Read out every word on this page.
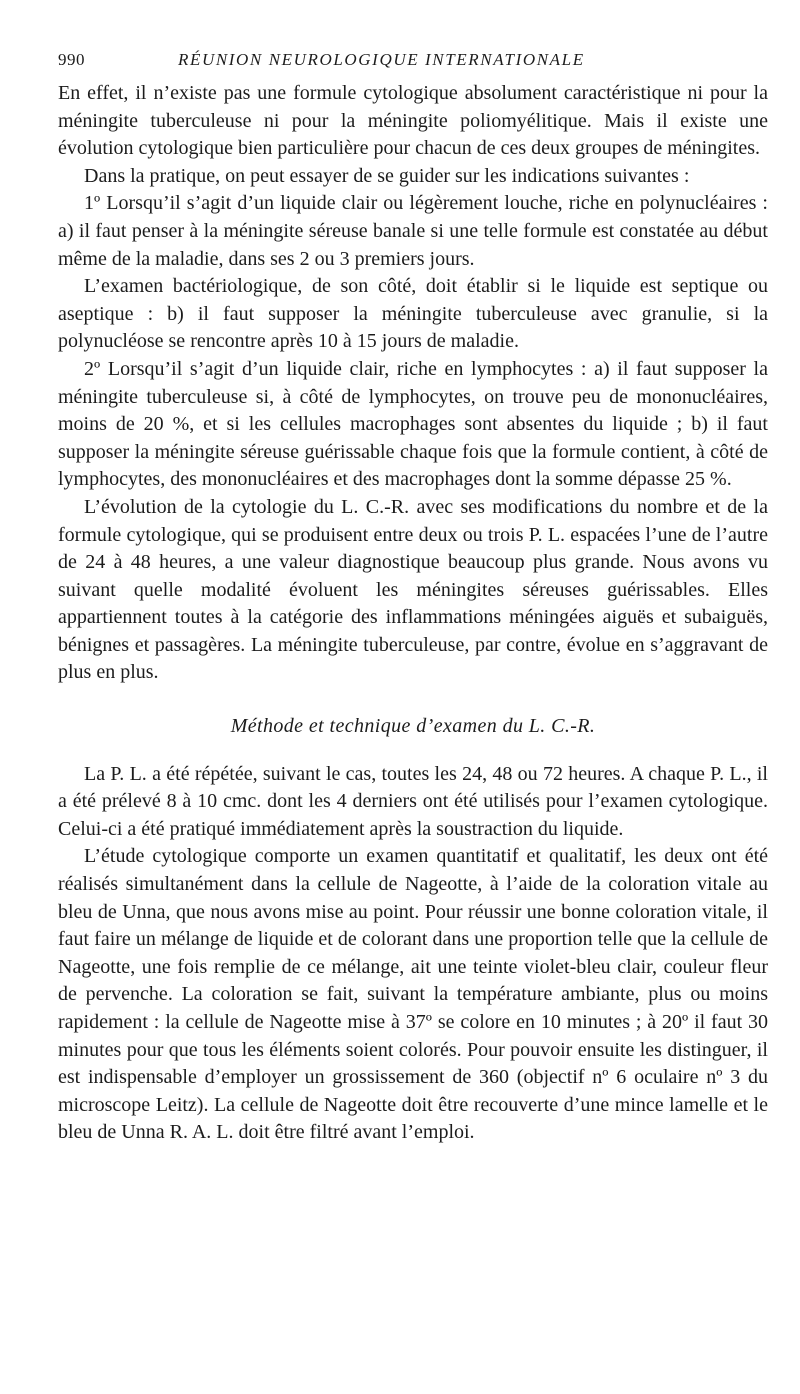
990	RÉUNION NEUROLOGIQUE INTERNATIONALE

En effet, il n’existe pas une formule cytologique absolument caractéristique ni pour la méningite tuberculeuse ni pour la méningite poliomyélitique. Mais il existe une évolution cytologique bien particulière pour chacun de ces deux groupes de méningites.

Dans la pratique, on peut essayer de se guider sur les indications suivantes :

1º Lorsqu’il s’agit d’un liquide clair ou légèrement louche, riche en polynucléaires : a) il faut penser à la méningite séreuse banale si une telle formule est constatée au début même de la maladie, dans ses 2 ou 3 premiers jours.

L’examen bactériologique, de son côté, doit établir si le liquide est septique ou aseptique : b) il faut supposer la méningite tuberculeuse avec granulie, si la polynucléose se rencontre après 10 à 15 jours de maladie.

2º Lorsqu’il s’agit d’un liquide clair, riche en lymphocytes : a) il faut supposer la méningite tuberculeuse si, à côté de lymphocytes, on trouve peu de mononucléaires, moins de 20 %, et si les cellules macrophages sont absentes du liquide ; b) il faut supposer la méningite séreuse guérissable chaque fois que la formule contient, à côté de lymphocytes, des mononucléaires et des macrophages dont la somme dépasse 25 %.

L’évolution de la cytologie du L. C.-R. avec ses modifications du nombre et de la formule cytologique, qui se produisent entre deux ou trois P. L. espacées l’une de l’autre de 24 à 48 heures, a une valeur diagnostique beaucoup plus grande. Nous avons vu suivant quelle modalité évoluent les méningites séreuses guérissables. Elles appartiennent toutes à la catégorie des inflammations méningées aiguës et subaiguës, bénignes et passagères. La méningite tuberculeuse, par contre, évolue en s’aggravant de plus en plus.

Méthode et technique d’examen du L. C.-R.

La P. L. a été répétée, suivant le cas, toutes les 24, 48 ou 72 heures. A chaque P. L., il a été prélevé 8 à 10 cmc. dont les 4 derniers ont été utilisés pour l’examen cytologique. Celui-ci a été pratiqué immédiatement après la soustraction du liquide.

L’étude cytologique comporte un examen quantitatif et qualitatif, les deux ont été réalisés simultanément dans la cellule de Nageotte, à l’aide de la coloration vitale au bleu de Unna, que nous avons mise au point. Pour réussir une bonne coloration vitale, il faut faire un mélange de liquide et de colorant dans une proportion telle que la cellule de Nageotte, une fois remplie de ce mélange, ait une teinte violet-bleu clair, couleur fleur de pervenche. La coloration se fait, suivant la température ambiante, plus ou moins rapidement : la cellule de Nageotte mise à 37º se colore en 10 minutes ; à 20º il faut 30 minutes pour que tous les éléments soient colorés. Pour pouvoir ensuite les distinguer, il est indispensable d’employer un grossissement de 360 (objectif nº 6 oculaire nº 3 du microscope Leitz). La cellule de Nageotte doit être recouverte d’une mince lamelle et le bleu de Unna R. A. L. doit être filtré avant l’emploi.
